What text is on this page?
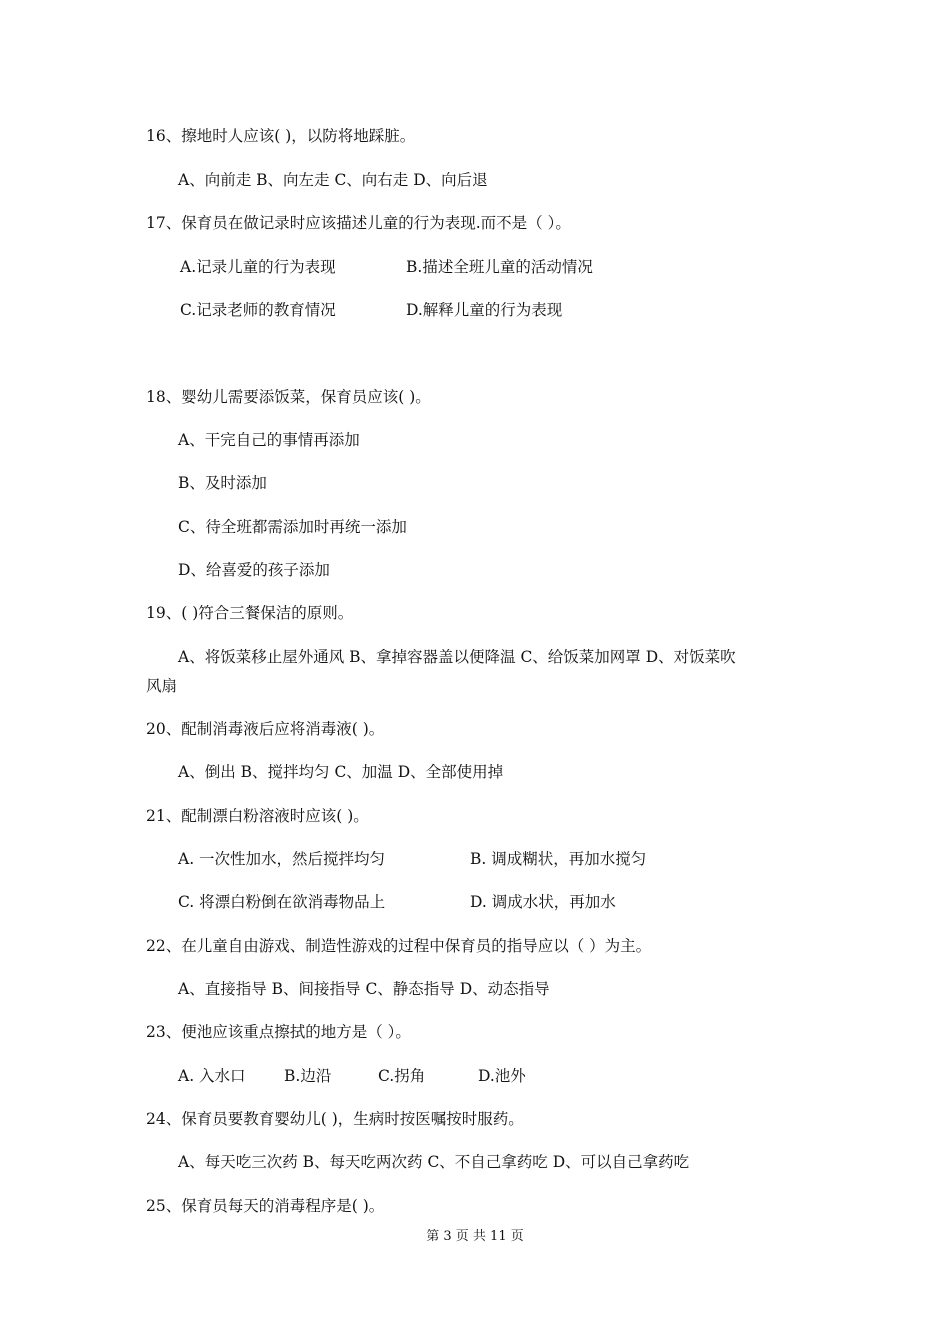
16、擦地时人应该( )，以防将地踩脏。
A、向前走 B、向左走 C、向右走 D、向后退
17、保育员在做记录时应该描述儿童的行为表现.而不是（ ）。
A.记录儿童的行为表现	B.描述全班儿童的活动情况
C.记录老师的教育情况	D.解释儿童的行为表现
18、婴幼儿需要添饭菜，保育员应该( )。
A、干完自己的事情再添加
B、及时添加
C、待全班都需添加时再统一添加
D、给喜爱的孩子添加
19、( )符合三餐保洁的原则。
A、将饭菜移止屋外通风 B、拿掉容器盖以便降温 C、给饭菜加网罩 D、对饭菜吹
风扇
20、配制消毒液后应将消毒液( )。
A、倒出 B、搅拌均匀 C、加温 D、全部使用掉
21、配制漂白粉溶液时应该( )。
A. 一次性加水，然后搅拌均匀	B. 调成糊状，再加水搅匀
C. 将漂白粉倒在欲消毒物品上	D. 调成水状，再加水
22、在儿童自由游戏、制造性游戏的过程中保育员的指导应以（ ）为主。
A、直接指导 B、间接指导 C、静态指导 D、动态指导
23、便池应该重点擦拭的地方是（ ）。
A. 入水口 B.边沿	C.拐角	D.池外
24、保育员要教育婴幼儿( )，生病时按医嘱按时服药。
A、每天吃三次药 B、每天吃两次药 C、不自己拿药吃 D、可以自己拿药吃
25、保育员每天的消毒程序是( )。
第 3 页 共 11 页
